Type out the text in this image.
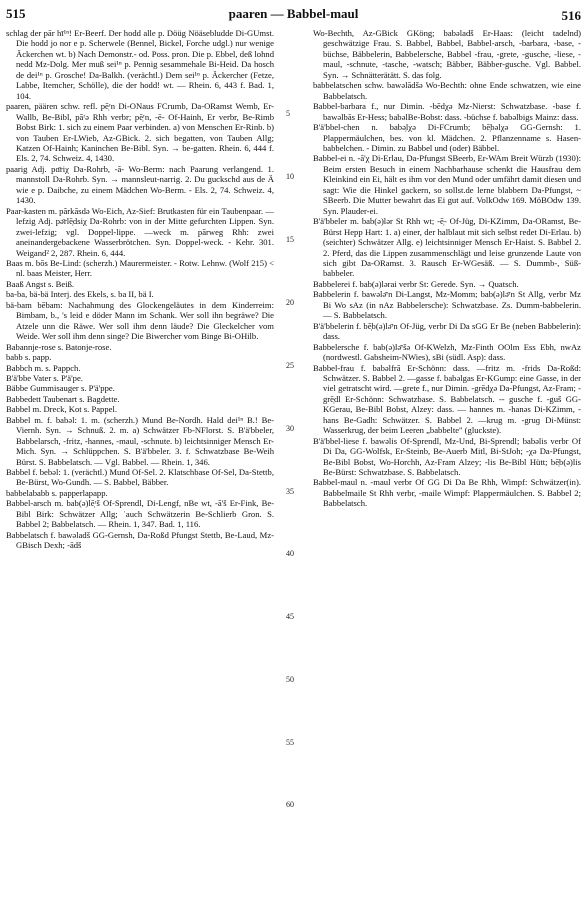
515	paaren — Babbel-maul	516

schlag der pār hī¹ⁿ! Er-Beerf. Der hodd alle p. Döüg Nöäsebludde Di-GUmst. Die hodd jo nor e p. Scherwele (Bennel, Bickel, Forche udgl.) nur wenige Äckerchen wt. b) Nach Demonstr.- od. Poss. pron. Die p. Ebbel, deß lohnd nedd Mz-Dolg. Mer muß sei¹ⁿ p. Pennig sesammehale Bi-Heid. Da hosch de dei¹ⁿ p. Grosche! Da-Balkh. (verächtl.) Dem sei¹ⁿ p. Äckercher (Fetze, Labbe, Itemcher, Schölle), die der hodd! wt. — Rhein. 6, 443 f. Bad. 1, 104.

paaren, päären schw. refl. pē̜ʳn Di-ONaus FCrumb, Da-ORamst Wemb, Er-Wallb, Be-Bibl, pāʳə Rhh verbr; pē̜ʳn, -ē- Of-Hainh, Er verbr, Be-Rimb Bobst Birk: 1. sich zu einem Paar verbinden. a) von Menschen Er-Rinb. b) von Tauben Er-LWieb, Az-GBick. 2. sich begatten, von Tauben Allg; Katzen Of-Hainh; Kaninchen Be-Bibl. Syn. → be-gatten. Rhein. 6, 444 f. Els. 2, 74. Schweiz. 4, 1430.

paarig Adj. pɑ̄riχ Da-Rohrb, -ā- Wo-Berm: nach Paarung verlangend. 1. mannstoll Da-Rohrb. Syn. → mannsleut-narrig. 2. Du guckschd aus de Ä wie e p. Daibche, zu einem Mädchen Wo-Berm. - Els. 2, 74. Schweiz. 4, 1430.

Paar-kasten m. pārkāsdə Wo-Eich, Az-Sief: Brutkasten für ein Taubenpaar. —lefzig Adj. pə̄rlē̜dsiχ Da-Rohrb: von in der Mitte gefurchten Lippen. Syn. zwei-lefzig; vgl. Doppel-lippe. —weck m. pārweg Rhh: zwei aneinandergebackene Wasserbrötchen. Syn. Doppel-weck. - Kehr. 301. Weigand² 2, 287. Rhein. 6, 444.

Baas m. bōs Be-Lind: (scherzh.) Maurermeister. - Rotw. Lehnw. (Wolf 215) < nl. baas Meister, Herr.

Baaß Angst s. Beiß.

ba-ba, bä-bä Interj. des Ekels, s. ba II, bä I.

bä-bam bēbam: Nachahmung des Glockengeläutes in dem Kinderreim: Bimbam, b., 's leid e döder Mann im Schank. Wer soll ihn begräwe? Die Atzele unn die Räwe. Wer soll ihm denn läude? Die Gleckelcher vom Weide. Wer soll ihm denn singe? Die Biwercher vom Binge Bi-OHilb.

Babannje-rose s. Batonje-rose.

babb s. papp.

Babbch m. s. Pappch.

B'ä'bbe Vater s. P'ä'pe.

Bäbbe Gummisauger s. P'ä'ppe.

Babbedett Taubenart s. Bagdette.

Babbel m. Dreck, Kot s. Pappel.

Babbel m. f. babəl: 1. m. (scherzh.) Mund Be-Nordh. Hald dei¹ⁿ B.! Be-Viernh. Syn. → Schnuß. 2. m. a) Schwätzer Fb-NFlorst. S. B'ä'bbeler, Babbelarsch, -fritz, -hannes, -maul, -schnute. b) leichtsinniger Mensch Er-Mich. Syn. → Schlüppchen. S. B'ä'bbeler. 3. f. Schwatzbase Be-Weih Bürst. S. Babbelatsch. — Vgl. Babbel. — Rhein. 1, 346.

Babbel f. bebəl: 1. (verächtl.) Mund Of-Sel. 2. Klatschbase Of-Sel, Da-Stettb, Be-Bürst, Wo-Gundh. — S. Babbel, Bäbber.

babbelababb s. papperlapapp.

Babbel-arsch m. bab(ə)lē̜ʳš Of-Sprendl, Di-Lengf, nBe wt, -ā'š Er-Fink, Be-Bibl Birk: Schwätzer Allg; ˈauch Schwätzerin Be-Schlierb Gron. S. Babbel 2; Babbelatsch. — Rhein. 1, 347. Bad. 1, 116.

Babbelatsch f. bawəladš GG-Gernsh, Da-Roßd Pfungst Stettb, Be-Laud, Mz-GBisch Dexh; -ādš

5
10
15
20
25
30
35
40
45
50
55
60

Wo-Bechth, Az-GBick GKöng; babəladš Er-Haas: (leicht tadelnd) geschwätzige Frau. S. Babbel, Babbel, Babbel-arsch, -barbara, -base, -büchse, Bäbbelerin, Babbelersche, Babbel -frau, -grete, -gusche, -liese, -maul, -schnute, -tasche, -watsch; Bäbber, Bäbber-gusche. Vgl. Babbel. Syn. → Schnätterätätt. S. das folg.

babbelatschen schw. bawəlādšə Wo-Bechth: ohne Ende schwatzen, wie eine Babbelatsch.

Babbel-barbara f., nur Dimin. -bēdχə Mz-Nierst: Schwatzbase. -base f. bawəlbās Er-Hess; babəlBe-Bobst: dass. -büchse f. babəlbigs Mainz: dass.

B'ä'bbel-chen n. babə̜lχə Di-FCrumb; bē̜bəlχə GG-Gernsh: 1. Plappermäulchen, bes. von kl. Mädchen. 2. Pflanzenname s. Hasen-babbelchen. - Dimin. zu Babbel und (oder) Bäbbel.

Babbel-ei n. -ā'χ Di-Erlau, Da-Pfungst SBeerb, Er-WAm Breit Würzb (1930): Beim ersten Besuch in einem Nachbarhause schenkt die Hausfrau dem Kleinkind ein Ei, hält es ihm vor den Mund oder umfährt damit diesen und sagt: Wie die Hinkel gackern, so sollst.de lerne blabbern Da-Pfungst, ~ SBeerb. Die Mutter bewahrt das Ei gut auf. VolkOdw 169. MöBOdw 139. Syn. Plauder-ei.

B'ä'bbeler m. bab(ə)lər St Rhh wt; -ē̜- Of-Jüg, Di-KZimm, Da-ORamst, Be-Bürst Hepp Hart: 1. a) einer, der halblaut mit sich selbst redet Di-Erlau. b) (seichter) Schwätzer Allg. e) leichtsinniger Mensch Er-Haist. S. Babbel 2. 2. Pferd, das die Lippen zusammenschlägt und leise grunzende Laute von sich gibt Da-ORamst. 3. Rausch Er-WGesäß. — S. Dummb-, Süß-babbeler.

Babbelerei f. bab(ə)lərai verbr St: Gerede. Syn. → Quatsch.

Babbelerin f. bawələ̄ʳn Di-Langst, Mz-Momm; bab(ə)lə̄ʳn St Allg, verbr Mz Bi Wo sAz (in nAz Babbelersche): Schwatzbase. Zs. Dumm-babbelerin. — S. Babbelatsch.

B'ä'bbelerin f. bē̜b(ə)lə̄ʳn Of-Jüg, verbr Di Da sGG Er Be (neben Babbelerin): dass.

Babbelersche f. bab(ə)lə̄ʳšə Of-KWelzh, Mz-Finth OOlm Ess Ebh, nwAz (nordwestl. Gabsheim-NWies), sBi (südl. Asp): dass.

Babbel-frau f. babəlfrā Er-Schönn: dass. —fritz m. -frids Da-Roßd: Schwätzer. S. Babbel 2. —gasse f. babəlgas Er-KGump: eine Gasse, in der viel getratscht wird. —grete f., nur Dimin. -grēdχə Da-Pfungst, Az-Fram; -grē̜dl Er-Schönn: Schwatzbase. S. Babbelatsch. -- gusche f. -guš GG-KGerau, Be-Bibl Bobst, Alzey: dass. — hannes m. -hanəs Di-KZimm, -hans Be-Gadh: Schwätzer. S. Babbel 2. —krug m. -gruɡ Di-Münst: Wasserkrug, der beim Leeren „babbelte" (gluckste).

B'ä'bbel-liese f. bawəlis Of-Sprendl, Mz-Und, Bi-Sprendl; babəlis verbr Of Di Da, GG-Wolfsk, Er-Steinb, Be-Auerb Mitl, Bi-StJoh; -χə Da-Pfungst, Be-Bibl Bobst, Wo-Horchh, Az-Fram Alzey; -lis Be-Bibl Hütt; bē̜b(ə)lis Be-Bürst: Schwatzbase. S. Babbelatsch.

Babbel-maul n. -maul verbr Of GG Di Da Be Rhh, Wimpf: Schwätzer(in). Babbelmaile St Rhh verbr, -maile Wimpf: Plappermäulchen. S. Babbel 2; Babbelatsch.
